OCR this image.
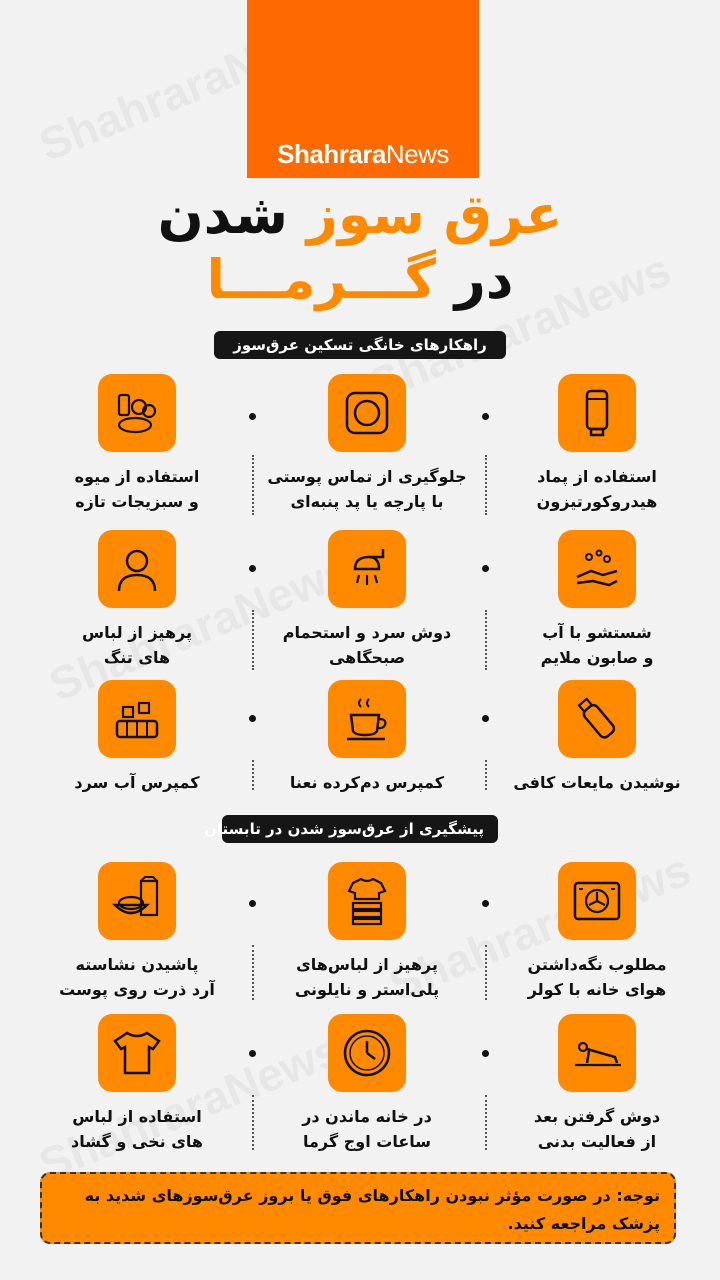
ShahraraNews
عرق سوز شدن
در گـــرمـــا
راهکارهای خانگی تسکین عرق‌سوز
استفاده از پماد
هیدروکورتیزون
جلوگیری از تماس پوستی
با پارچه یا پد پنبه‌ای
استفاده از میوه
و سبزیجات تازه
شستشو با آب
و صابون ملایم
دوش سرد و استحمام
صبحگاهی
پرهیز از لباس
های تنگ
نوشیدن مایعات کافی
کمپرس دم‌کرده نعنا
کمپرس آب سرد
پیشگیری از عرق‌سوز شدن در تابستان
مطلوب نگه‌داشتن
هوای خانه با کولر
پرهیز از لباس‌های
پلی‌استر و نایلونی
پاشیدن نشاسته
آرد ذرت روی پوست
دوش گرفتن بعد
از فعالیت بدنی
در خانه ماندن در
ساعات اوج گرما
استفاده از لباس
های نخی و گشاد
توجه: در صورت مؤثر نبودن راهکارهای فوق یا بروز عرق‌سوزهای شدید به پزشک مراجعه کنید.
